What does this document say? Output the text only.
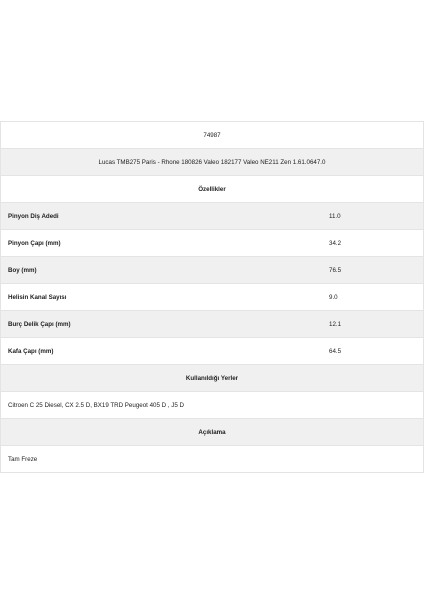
74987
Lucas TMB275 Paris - Rhone 180826 Valeo 182177 Valeo NE211 Zen 1.61.0647.0
Özellikler
Pinyon Diş Adedi	11.0
Pinyon Çapı (mm)	34.2
Boy (mm)	76.5
Helisin Kanal Sayısı	9.0
Burç Delik Çapı (mm)	12.1
Kafa Çapı (mm)	64.5
Kullanıldığı Yerler
Citroen C 25 Diesel, CX 2.5 D, BX19 TRD Peugeot 405 D , J5 D
Açıklama
Tam Freze
